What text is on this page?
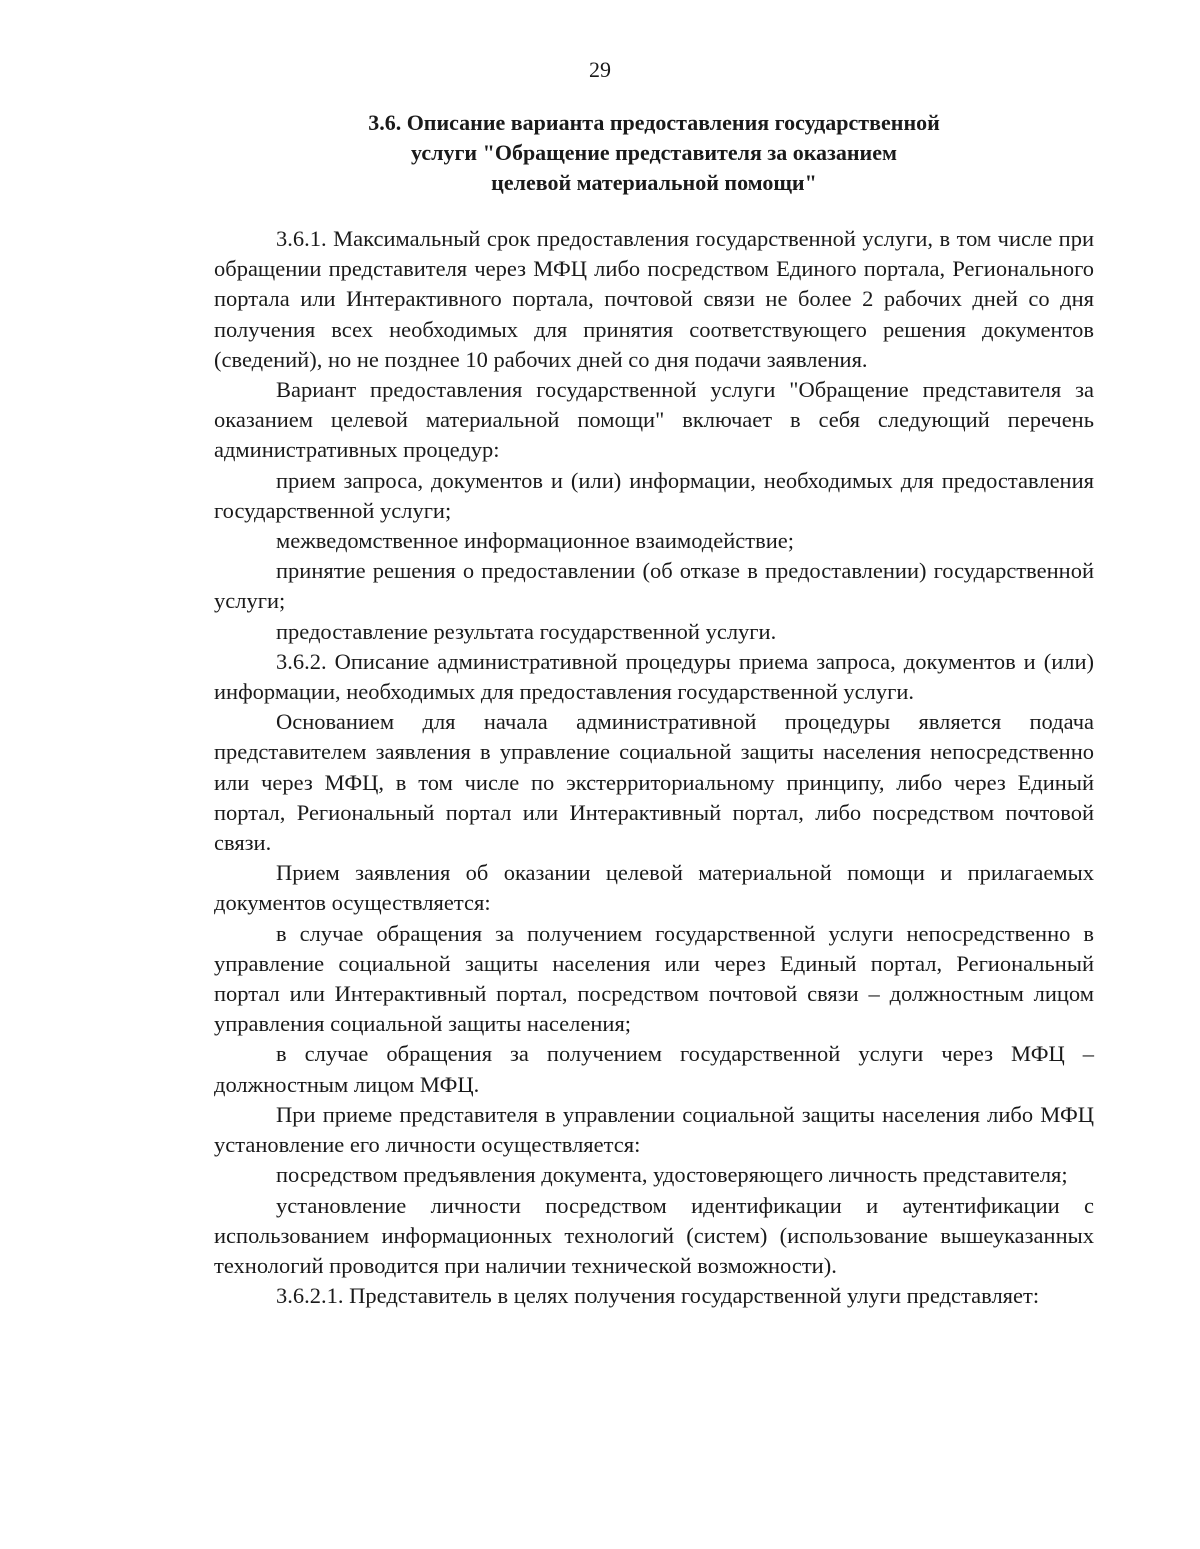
29
3.6. Описание варианта предоставления государственной
услуги "Обращение представителя за оказанием
целевой материальной помощи"

3.6.1. Максимальный срок предоставления государственной услуги, в том числе при обращении представителя через МФЦ либо посредством Единого портала, Регионального портала или Интерактивного портала, почтовой связи не более 2 рабочих дней со дня получения всех необходимых для принятия соответствующего решения документов (сведений), но не позднее 10 рабочих дней со дня подачи заявления.

Вариант предоставления государственной услуги "Обращение представителя за оказанием целевой материальной помощи" включает в себя следующий перечень административных процедур:

прием запроса, документов и (или) информации, необходимых для предоставления государственной услуги;

межведомственное информационное взаимодействие;

принятие решения о предоставлении (об отказе в предоставлении) государственной услуги;

предоставление результата государственной услуги.

3.6.2. Описание административной процедуры приема запроса, документов и (или) информации, необходимых для предоставления государственной услуги.

Основанием для начала административной процедуры является подача представителем заявления в управление социальной защиты населения непосредственно или через МФЦ, в том числе по экстерриториальному принципу, либо через Единый портал, Региональный портал или Интерактивный портал, либо посредством почтовой связи.

Прием заявления об оказании целевой материальной помощи и прилагаемых документов осуществляется:

в случае обращения за получением государственной услуги непосредственно в управление социальной защиты населения или через Единый портал, Региональный портал или Интерактивный портал, посредством почтовой связи – должностным лицом управления социальной защиты населения;

в случае обращения за получением государственной услуги через МФЦ – должностным лицом МФЦ.

При приеме представителя в управлении социальной защиты населения либо МФЦ установление его личности осуществляется:

посредством предъявления документа, удостоверяющего личность представителя;

установление личности посредством идентификации и аутентификации с использованием информационных технологий (систем) (использование вышеуказанных технологий проводится при наличии технической возможности).

3.6.2.1. Представитель в целях получения государственной улуги представляет:
